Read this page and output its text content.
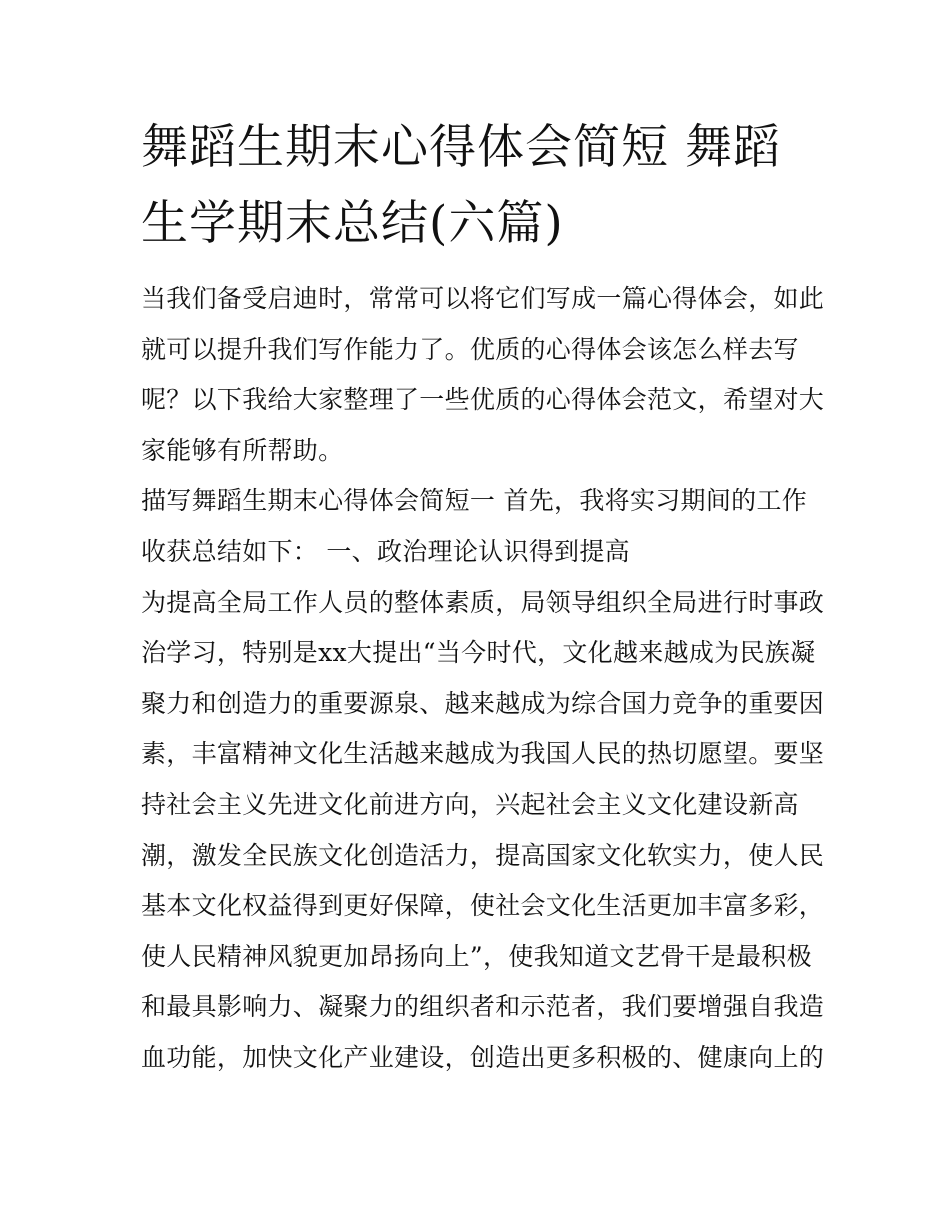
舞蹈生期末心得体会简短 舞蹈
生学期末总结(六篇)

当我们备受启迪时，常常可以将它们写成一篇心得体会，如此
就可以提升我们写作能力了。优质的心得体会该怎么样去写
呢？以下我给大家整理了一些优质的心得体会范文，希望对大
家能够有所帮助。

描写舞蹈生期末心得体会简短一 首先，我将实习期间的工作
收获总结如下： 一、政治理论认识得到提高

为提高全局工作人员的整体素质，局领导组织全局进行时事政
治学习，特别是xx大提出“当今时代，文化越来越成为民族凝
聚力和创造力的重要源泉、越来越成为综合国力竞争的重要因
素，丰富精神文化生活越来越成为我国人民的热切愿望。要坚
持社会主义先进文化前进方向，兴起社会主义文化建设新高
潮，激发全民族文化创造活力，提高国家文化软实力，使人民
基本文化权益得到更好保障，使社会文化生活更加丰富多彩，
使人民精神风貌更加昂扬向上”，使我知道文艺骨干是最积极
和最具影响力、凝聚力的组织者和示范者，我们要增强自我造
血功能，加快文化产业建设，创造出更多积极的、健康向上的
